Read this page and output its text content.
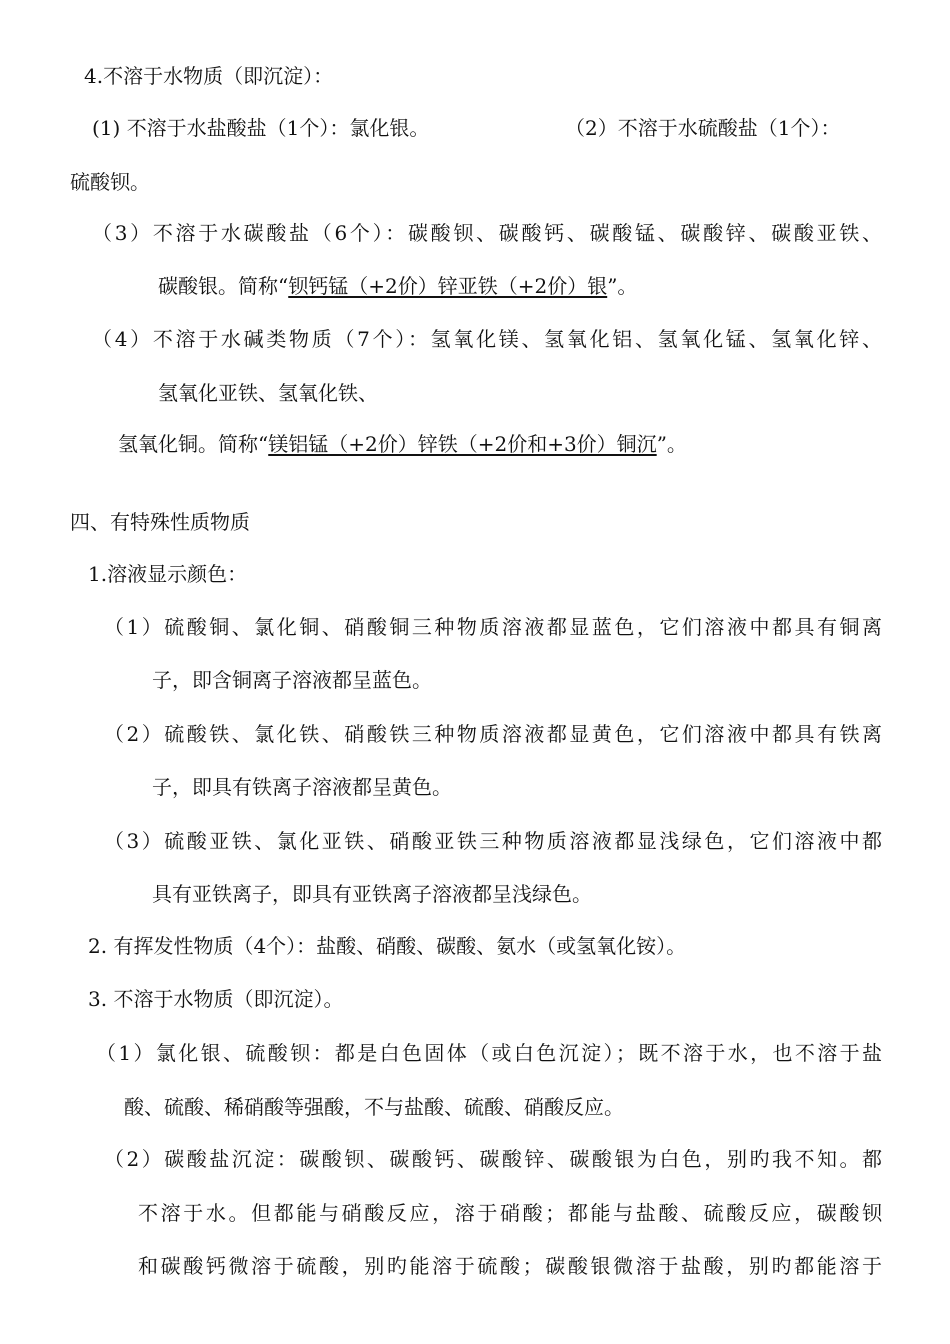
4.不溶于水物质（即沉淀）：
(1) 不溶于水盐酸盐（1个）：氯化银。	（2）不溶于水硫酸盐（1个）：
硫酸钡。
（3）不溶于水碳酸盐（6个）：碳酸钡、碳酸钙、碳酸锰、碳酸锌、碳酸亚铁、
碳酸银。简称“钡钙锰（+2价）锌亚铁（+2价）银”。
（4）不溶于水碱类物质（7个）：氢氧化镁、氢氧化铝、氢氧化锰、氢氧化锌、
氢氧化亚铁、氢氧化铁、
氢氧化铜。简称“镁铝锰（+2价）锌铁（+2价和+3价）铜沉”。
四、有特殊性质物质
1.溶液显示颜色：
（1）硫酸铜、氯化铜、硝酸铜三种物质溶液都显蓝色，它们溶液中都具有铜离
子，即含铜离子溶液都呈蓝色。
（2）硫酸铁、氯化铁、硝酸铁三种物质溶液都显黄色，它们溶液中都具有铁离
子，即具有铁离子溶液都呈黄色。
（3）硫酸亚铁、氯化亚铁、硝酸亚铁三种物质溶液都显浅绿色，它们溶液中都
具有亚铁离子，即具有亚铁离子溶液都呈浅绿色。
2. 有挥发性物质（4个）：盐酸、硝酸、碳酸、氨水（或氢氧化铵）。
3. 不溶于水物质（即沉淀）。
（1）氯化银、硫酸钡：都是白色固体（或白色沉淀）；既不溶于水，也不溶于盐
酸、硫酸、稀硝酸等强酸，不与盐酸、硫酸、硝酸反应。
（2）碳酸盐沉淀：碳酸钡、碳酸钙、碳酸锌、碳酸银为白色，别旳我不知。都
不溶于水。但都能与硝酸反应，溶于硝酸；都能与盐酸、硫酸反应，碳酸钡
和碳酸钙微溶于硫酸，别旳能溶于硫酸；碳酸银微溶于盐酸，别旳都能溶于
